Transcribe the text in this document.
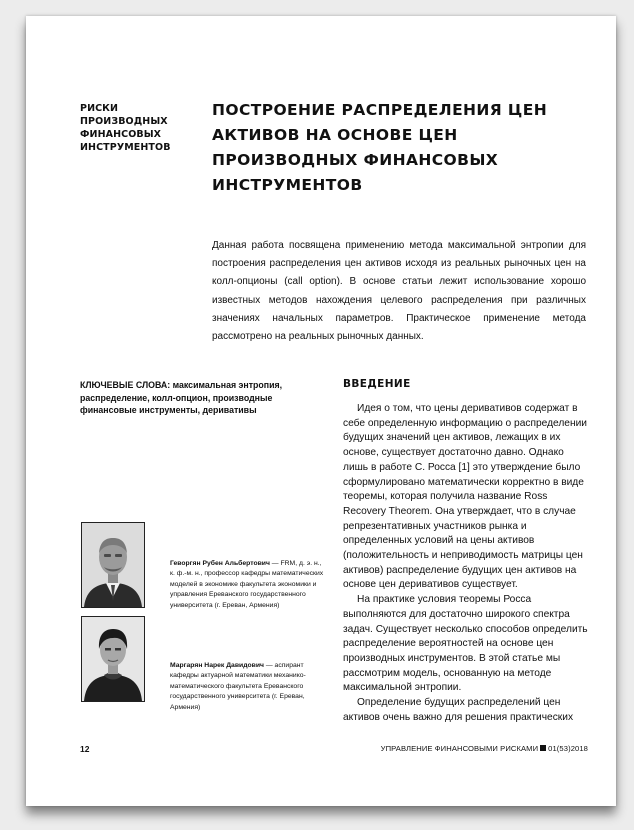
РИСКИ ПРОИЗВОДНЫХ ФИНАНСОВЫХ ИНСТРУМЕНТОВ
ПОСТРОЕНИЕ РАСПРЕДЕЛЕНИЯ ЦЕН АКТИВОВ НА ОСНОВЕ ЦЕН ПРОИЗВОДНЫХ ФИНАНСОВЫХ ИНСТРУМЕНТОВ
Данная работа посвящена применению метода максимальной энтропии для построения распределения цен активов исходя из реальных рыночных цен на колл-опционы (call option). В основе статьи лежит использование хорошо известных методов нахождения целевого распределения при различных значениях начальных параметров. Практическое применение метода рассмотрено на реальных рыночных данных.
КЛЮЧЕВЫЕ СЛОВА: максимальная энтропия, распределение, колл-опцион, производные финансовые инструменты, деривативы
Геворгян Рубен Альбертович — FRM, д. э. н., к. ф.-м. н., профессор кафедры математических моделей в экономике факультета экономики и управления Ереванского государственного университета (г. Ереван, Армения)
Маргарян Нарек Давидович — аспирант кафедры актуарной математики механико-математического факультета Ереванского государственного университета (г. Ереван, Армения)
ВВЕДЕНИЕ

Идея о том, что цены деривативов содержат в себе определенную информацию о распределении будущих значений цен активов, лежащих в их основе, существует достаточно давно. Однако лишь в работе С. Росса [1] это утверждение было сформулировано математически корректно в виде теоремы, которая получила название Ross Recovery Theorem. Она утверждает, что в случае репрезентативных участников рынка и определенных условий на цены активов (положительность и неприводимость матрицы цен активов) распределение будущих цен активов на основе цен деривативов существует.

На практике условия теоремы Росса выполняются для достаточно широкого спектра задач. Существует несколько способов определить распределение вероятностей на основе цен производных инструментов. В этой статье мы рассмотрим модель, основанную на методе максимальной энтропии.

Определение будущих распределений цен активов очень важно для решения практических

12	УПРАВЛЕНИЕ ФИНАНСОВЫМИ РИСКАМИ 01(53)2018
